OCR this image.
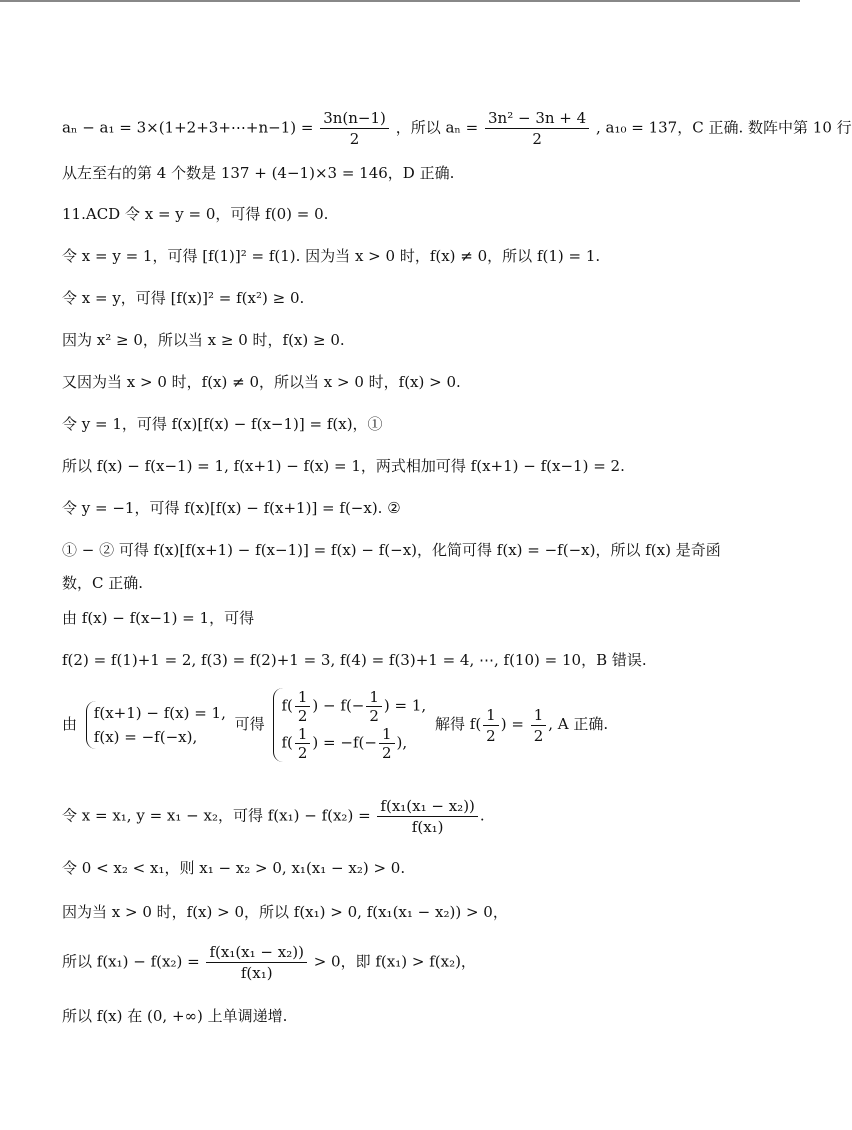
aₙ − a₁ = 3×(1+2+3+⋯+n−1) = $\frac{3n(n-1)}{2}$ ，所以 $a_n = \frac{\text{3n² − 3n + 4}}{2}$ , a₁₀ = 137，C 正确. 数阵中第 10 行
从左至右的第 4 个数是 137 + (4−1)×3 = 146，D 正确.
11.ACD 令 x = y = 0，可得 f(0) = 0.
令 x = y = 1，可得 [f(1)]² = f(1). 因为当 x > 0 时，f(x) ≠ 0，所以 f(1) = 1.
令 x = y，可得 [f(x)]² = f(x²) ≥ 0.
因为 x² ≥ 0，所以当 x ≥ 0 时，f(x) ≥ 0.
又因为当 x > 0 时，f(x) ≠ 0，所以当 x > 0 时，f(x) > 0.
令 y = 1，可得 f(x)[f(x) − f(x−1)] = f(x)，①
所以 f(x) − f(x−1) = 1, f(x+1) − f(x) = 1，两式相加可得 f(x+1) − f(x−1) = 2.
令 y = −1，可得 f(x)[f(x) − f(x+1)] = f(−x). ②
① − ② 可得 f(x)[f(x+1) − f(x−1)] = f(x) − f(−x)，化简可得 f(x) = −f(−x)，所以 f(x) 是奇函
数，C 正确.
由 f(x) − f(x−1) = 1，可得
f(2) = f(1)+1 = 2, f(3) = f(2)+1 = 3, f(4) = f(3)+1 = 4, ⋯, f(10) = 10，B 错误.
由
f(x+1) − f(x) = 1,
f(x) = −f(−x),
可得
$f( \frac{1}{2}$ ) − $f(- \frac{1}{2}$ ) = 1,
$f( \frac{1}{2}$ ) = $-f(- \frac{1}{2}$ ),
解得 $f( \frac{1}{2}$ ) = $\frac{1}{2}$ , A 正确.
令 x = x₁, y = x₁ − x₂，可得 $f(x_1) - f(x_2) = \frac{\text{f(x₁(x₁ − x₂))}}{\text{f(x₁)}}$ .
令 0 < x₂ < x₁，则 x₁ − x₂ > 0, x₁(x₁ − x₂) > 0.
因为当 x > 0 时，f(x) > 0，所以 f(x₁) > 0, f(x₁(x₁ − x₂)) > 0，
所以 $f(x_1) - f(x_2) = \frac{\text{f(x₁(x₁ − x₂))}}{\text{f(x₁)}} > 0$，即 f(x₁) > f(x₂)，
所以 f(x) 在 (0, +∞) 上单调递增.
